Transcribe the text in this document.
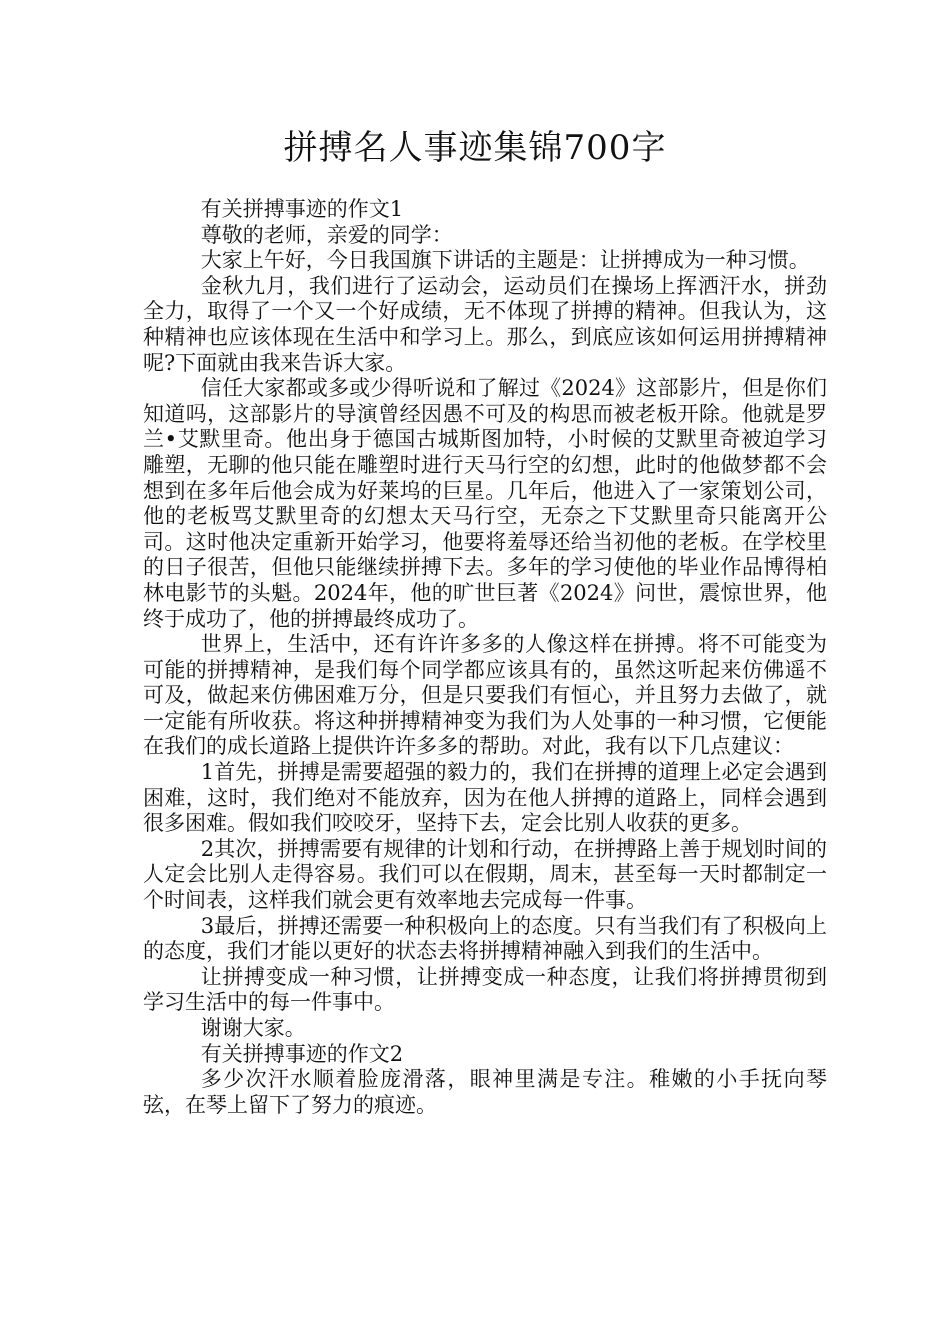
拼搏名人事迹集锦700字

有关拼搏事迹的作文1

尊敬的老师，亲爱的同学：

大家上午好，今日我国旗下讲话的主题是：让拼搏成为一种习惯。

金秋九月，我们进行了运动会，运动员们在操场上挥洒汗水，拼劲全力，取得了一个又一个好成绩，无不体现了拼搏的精神。但我认为，这种精神也应该体现在生活中和学习上。那么，到底应该如何运用拼搏精神呢?下面就由我来告诉大家。

信任大家都或多或少得听说和了解过《2024》这部影片，但是你们知道吗，这部影片的导演曾经因愚不可及的构思而被老板开除。他就是罗兰•艾默里奇。他出身于德国古城斯图加特，小时候的艾默里奇被迫学习雕塑，无聊的他只能在雕塑时进行天马行空的幻想，此时的他做梦都不会想到在多年后他会成为好莱坞的巨星。几年后，他进入了一家策划公司，他的老板骂艾默里奇的幻想太天马行空，无奈之下艾默里奇只能离开公司。这时他决定重新开始学习，他要将羞辱还给当初他的老板。在学校里的日子很苦，但他只能继续拼搏下去。多年的学习使他的毕业作品博得柏林电影节的头魁。2024年，他的旷世巨著《2024》问世，震惊世界，他终于成功了，他的拼搏最终成功了。

世界上，生活中，还有许许多多的人像这样在拼搏。将不可能变为可能的拼搏精神，是我们每个同学都应该具有的，虽然这听起来仿佛遥不可及，做起来仿佛困难万分，但是只要我们有恒心，并且努力去做了，就一定能有所收获。将这种拼搏精神变为我们为人处事的一种习惯，它便能在我们的成长道路上提供许许多多的帮助。对此，我有以下几点建议：

1首先，拼搏是需要超强的毅力的，我们在拼搏的道理上必定会遇到困难，这时，我们绝对不能放弃，因为在他人拼搏的道路上，同样会遇到很多困难。假如我们咬咬牙，坚持下去，定会比别人收获的更多。

2其次，拼搏需要有规律的计划和行动，在拼搏路上善于规划时间的人定会比别人走得容易。我们可以在假期，周末，甚至每一天时都制定一个时间表，这样我们就会更有效率地去完成每一件事。

3最后，拼搏还需要一种积极向上的态度。只有当我们有了积极向上的态度，我们才能以更好的状态去将拼搏精神融入到我们的生活中。

让拼搏变成一种习惯，让拼搏变成一种态度，让我们将拼搏贯彻到学习生活中的每一件事中。

谢谢大家。

有关拼搏事迹的作文2

多少次汗水顺着脸庞滑落，眼神里满是专注。稚嫩的小手抚向琴弦，在琴上留下了努力的痕迹。
